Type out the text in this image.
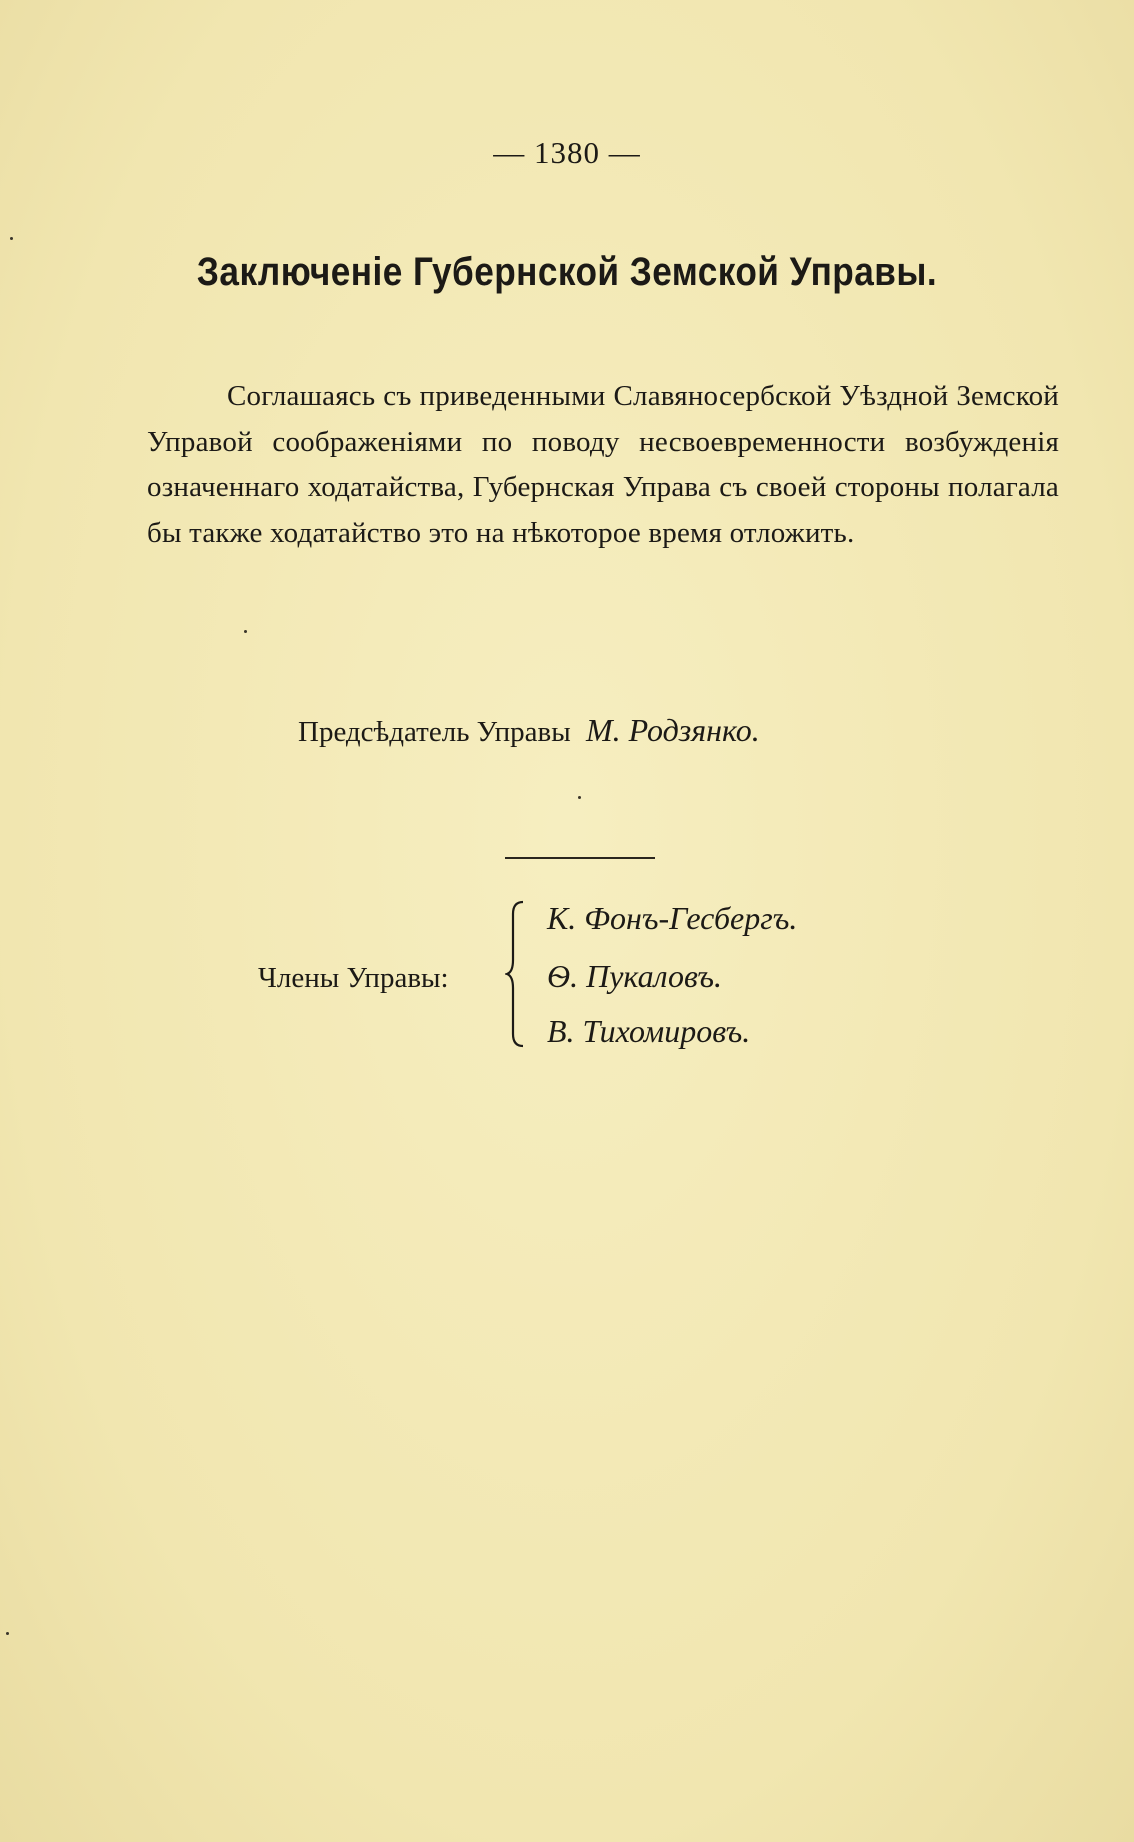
— 1380 —
Заключеніе Губернской Земской Управы.

Соглашаясь съ приведенными Славяносербской Уѣздной Земской Управой соображеніями по поводу несвоевременности возбужденія означеннаго ходатайства, Губернская Управа съ своей стороны полагала бы также ходатайство это на нѣкоторое время отложить.

Предсѣдатель Управы М. Родзянко.
Члены Управы:
К. Фонъ-Гесбергъ.
Ѳ. Пукаловъ.
В. Тихомировъ.
